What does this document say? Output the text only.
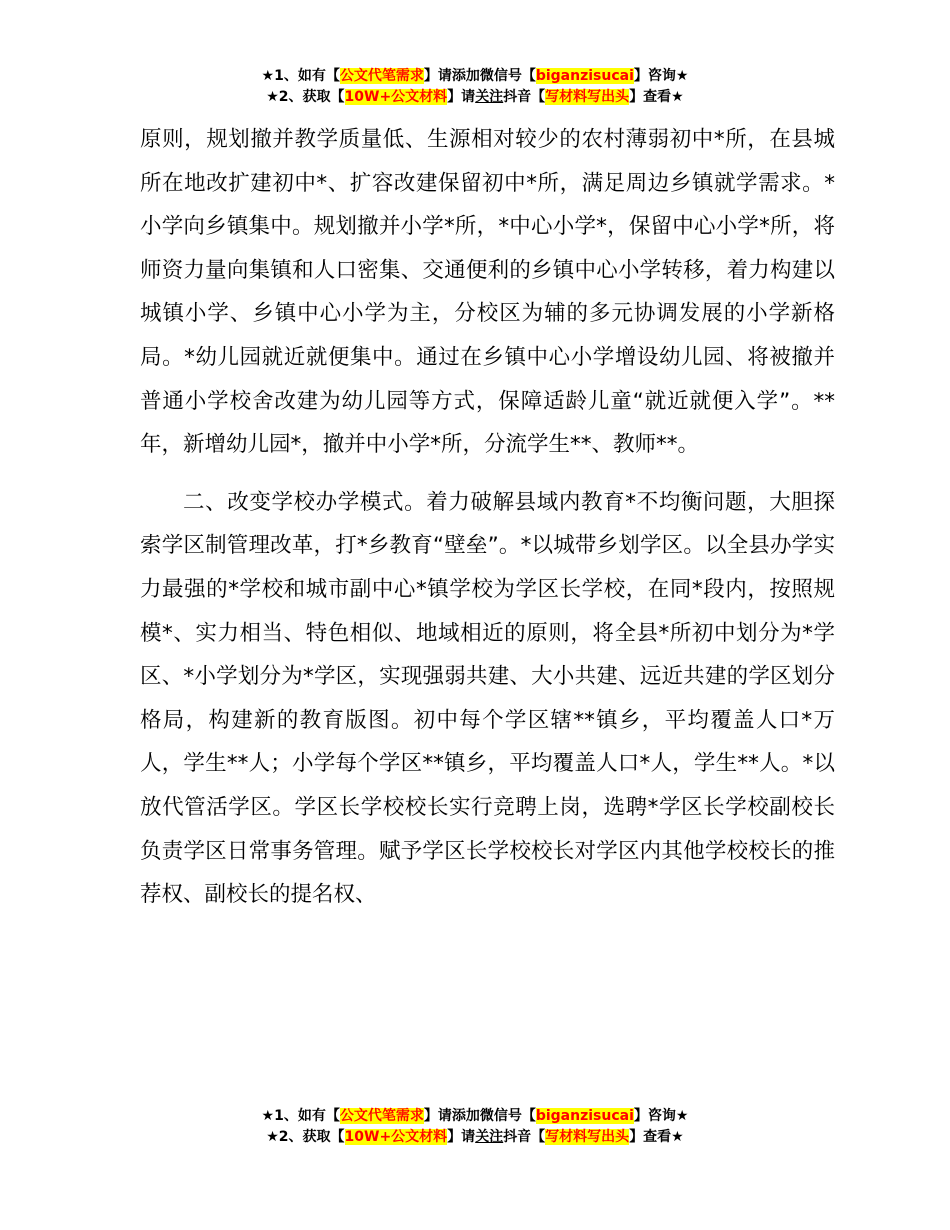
★1、如有【公文代笔需求】请添加微信号【biganzisucai】咨询★
★2、获取【10W+公文材料】请关注抖音【写材料写出头】查看★

原则，规划撤并教学质量低、生源相对较少的农村薄弱初中*所，在县城所在地改扩建初中*、扩容改建保留初中*所，满足周边乡镇就学需求。*小学向乡镇集中。规划撤并小学*所，*中心小学*，保留中心小学*所，将师资力量向集镇和人口密集、交通便利的乡镇中心小学转移，着力构建以城镇小学、乡镇中心小学为主，分校区为辅的多元协调发展的小学新格局。*幼儿园就近就便集中。通过在乡镇中心小学增设幼儿园、将被撤并普通小学校舍改建为幼儿园等方式，保障适龄儿童“就近就便入学”。**年，新增幼儿园*，撤并中小学*所，分流学生**、教师**。

二、改变学校办学模式。着力破解县域内教育*不均衡问题，大胆探索学区制管理改革，打*乡教育“壁垒”。*以城带乡划学区。以全县办学实力最强的*学校和城市副中心*镇学校为学区长学校，在同*段内，按照规模*、实力相当、特色相似、地域相近的原则，将全县*所初中划分为*学区、*小学划分为*学区，实现强弱共建、大小共建、远近共建的学区划分格局，构建新的教育版图。初中每个学区辖**镇乡，平均覆盖人口*万人，学生**人；小学每个学区**镇乡，平均覆盖人口*人，学生**人。*以放代管活学区。学区长学校校长实行竞聘上岗，选聘*学区长学校副校长负责学区日常事务管理。赋予学区长学校校长对学区内其他学校校长的推荐权、副校长的提名权、

★1、如有【公文代笔需求】请添加微信号【biganzisucai】咨询★
★2、获取【10W+公文材料】请关注抖音【写材料写出头】查看★
